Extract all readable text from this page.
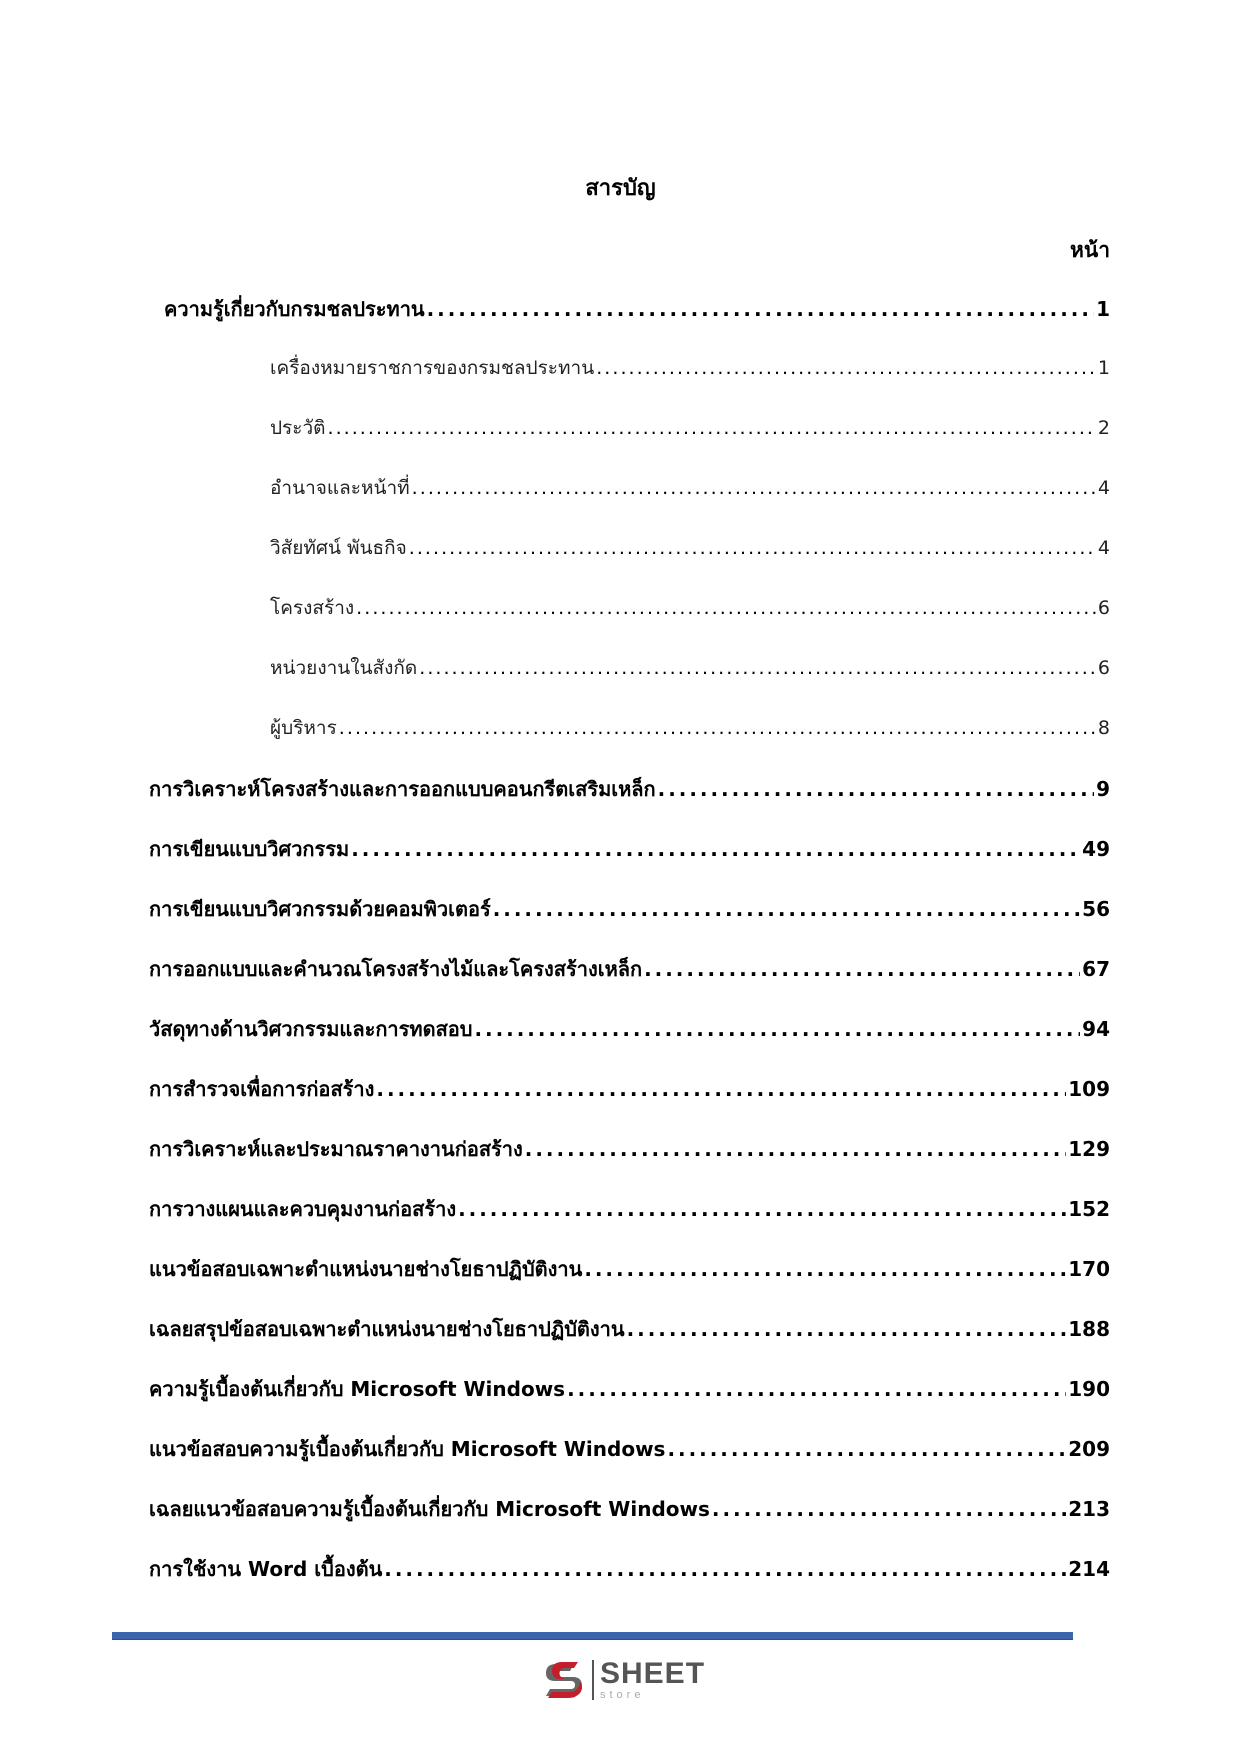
สารบัญ
หน้า
ความรู้เกี่ยวกับกรมชลประทาน . . .	1
เครื่องหมายราชการของกรมชลประทาน . . .	1
ประวัติ . . .	2
อำนาจและหน้าที่ . . .	4
วิสัยทัศน์ พันธกิจ . . .	4
โครงสร้าง . . .	6
หน่วยงานในสังกัด . . .	6
ผู้บริหาร . . .	8
การวิเคราะห์โครงสร้างและการออกแบบคอนกรีตเสริมเหล็ก . . .	9
การเขียนแบบวิศวกรรม . . .	49
การเขียนแบบวิศวกรรมด้วยคอมพิวเตอร์ . . .	56
การออกแบบและคำนวณโครงสร้างไม้และโครงสร้างเหล็ก . . .	67
วัสดุทางด้านวิศวกรรมและการทดสอบ . . .	94
การสำรวจเพื่อการก่อสร้าง . . .	109
การวิเคราะห์และประมาณราคางานก่อสร้าง . . .	129
การวางแผนและควบคุมงานก่อสร้าง . . .	152
แนวข้อสอบเฉพาะตำแหน่งนายช่างโยธาปฏิบัติงาน . . .	170
เฉลยสรุปข้อสอบเฉพาะตำแหน่งนายช่างโยธาปฏิบัติงาน . . .	188
ความรู้เบื้องต้นเกี่ยวกับ Microsoft Windows . . .	190
แนวข้อสอบความรู้เบื้องต้นเกี่ยวกับ Microsoft Windows . . .	209
เฉลยแนวข้อสอบความรู้เบื้องต้นเกี่ยวกับ Microsoft Windows . . .	213
การใช้งาน Word เบื้องต้น . . .	214
SHEET
store
